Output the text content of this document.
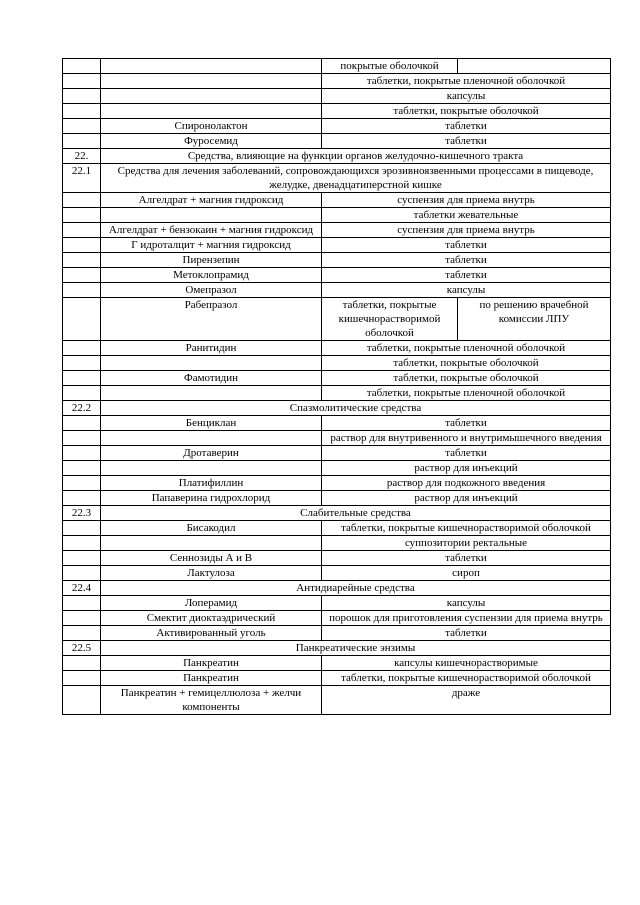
		покрытые оболочкой	
		таблетки, покрытые пленочной оболочкой	
		капсулы	
		таблетки, покрытые оболочкой	
	Спиронолактон	таблетки	
	Фуросемид	таблетки	
22.	Средства, влияющие на функции органов желудочно-кишечного тракта		
22.1	Средства для лечения заболеваний, сопровождающихся эрозивноязвенными процессами в пищеводе, желудке, двенадцатиперстной кишке		
	Алгелдрат + магния гидроксид	суспензия для приема внутрь	
		таблетки жевательные	
	Алгелдрат + бензокаин + магния гидроксид	суспензия для приема внутрь	
	Г идроталцит + магния гидроксид	таблетки	
	Пирензепин	таблетки	
	Метоклопрамид	таблетки	
	Омепразол	капсулы	
	Рабепразол	таблетки, покрытые кишечнорастворимой оболочкой	по решению врачебной комиссии ЛПУ
	Ранитидин	таблетки, покрытые пленочной оболочкой	
		таблетки, покрытые оболочкой	
	Фамотидин	таблетки, покрытые оболочкой	
		таблетки, покрытые пленочной оболочкой	
22.2	Спазмолитические средства		
	Бенциклан	таблетки	
		раствор для внутривенного и внутримышечного введения	
	Дротаверин	таблетки	
		раствор для инъекций	
	Платифиллин	раствор для подкожного введения	
	Папаверина гидрохлорид	раствор для инъекций	
22.3	Слабительные средства		
	Бисакодил	таблетки, покрытые кишечнорастворимой оболочкой	
		суппозитории ректальные	
	Сеннозиды А и В	таблетки	
	Лактулоза	сироп	
22.4	Антидиарейные средства		
	Лоперамид	капсулы	
	Смектит диоктаэдрический	порошок для приготовления суспензии для приема внутрь	
	Активированный уголь	таблетки	
22.5	Панкреатические энзимы		
	Панкреатин	капсулы кишечнорастворимые	
	Панкреатин	таблетки, покрытые кишечнорастворимой оболочкой	
	Панкреатин + гемицеллюлоза + желчи компоненты	драже	
